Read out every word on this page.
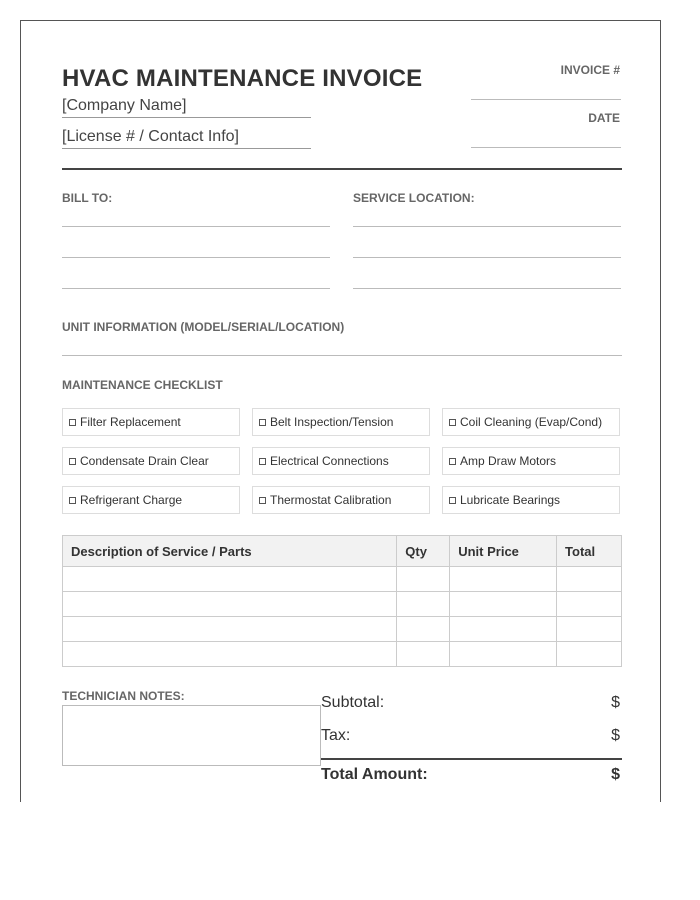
HVAC MAINTENANCE INVOICE
[Company Name]
[License # / Contact Info]
INVOICE #
DATE
BILL TO:	SERVICE LOCATION:
UNIT INFORMATION (MODEL/SERIAL/LOCATION)
MAINTENANCE CHECKLIST
Filter Replacement	Belt Inspection/Tension	Coil Cleaning (Evap/Cond)
Condensate Drain Clear	Electrical Connections	Amp Draw Motors
Refrigerant Charge	Thermostat Calibration	Lubricate Bearings
Description of Service / Parts	Qty	Unit Price	Total

TECHNICIAN NOTES:	Subtotal:	$
Tax:	$
Total Amount:	$
